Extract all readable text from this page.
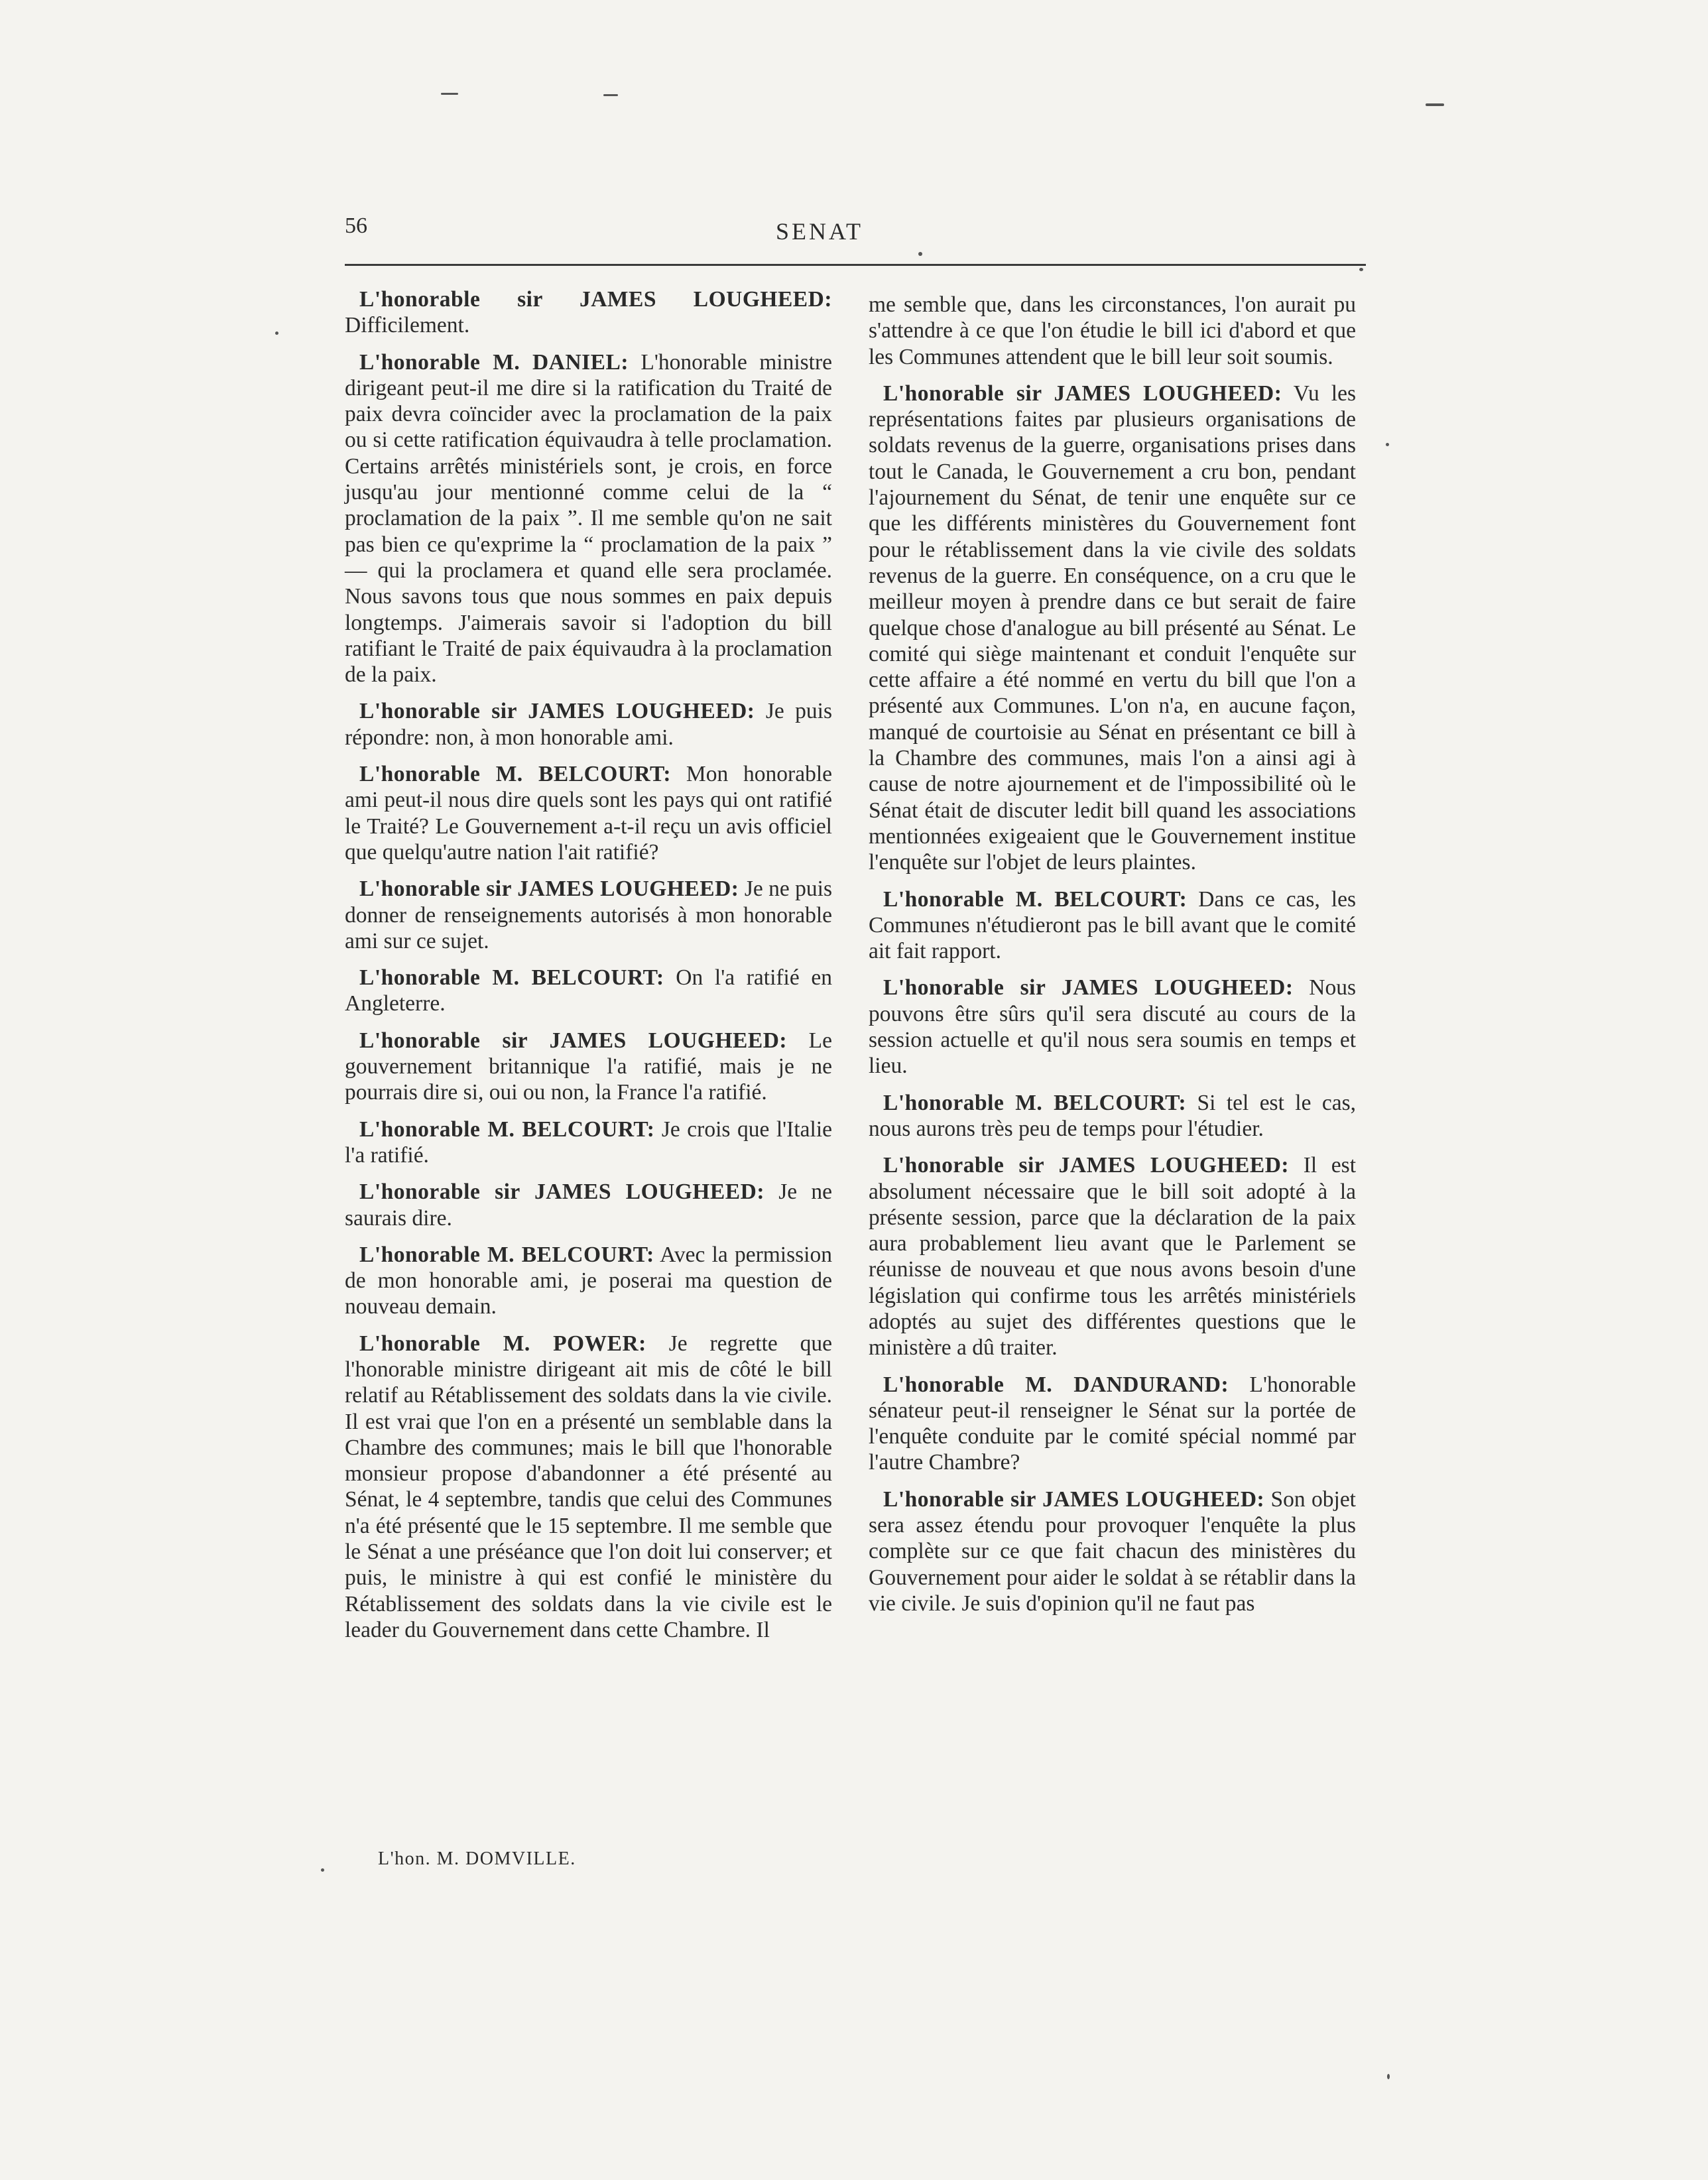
56	SENAT

L'honorable sir JAMES LOUGHEED: Difficilement.

L'honorable M. DANIEL: L'honorable ministre dirigeant peut-il me dire si la ratification du Traité de paix devra coïncider avec la proclamation de la paix ou si cette ratification équivaudra à telle proclamation. Certains arrêtés ministériels sont, je crois, en force jusqu'au jour mentionné comme celui de la “ proclamation de la paix ”. Il me semble qu'on ne sait pas bien ce qu'exprime la “ proclamation de la paix ” — qui la proclamera et quand elle sera proclamée. Nous savons tous que nous sommes en paix depuis longtemps. J'aimerais savoir si l'adoption du bill ratifiant le Traité de paix équivaudra à la proclamation de la paix.

L'honorable sir JAMES LOUGHEED: Je puis répondre: non, à mon honorable ami.

L'honorable M. BELCOURT: Mon honorable ami peut-il nous dire quels sont les pays qui ont ratifié le Traité? Le Gouvernement a-t-il reçu un avis officiel que quelqu'autre nation l'ait ratifié?

L'honorable sir JAMES LOUGHEED: Je ne puis donner de renseignements autorisés à mon honorable ami sur ce sujet.

L'honorable M. BELCOURT: On l'a ratifié en Angleterre.

L'honorable sir JAMES LOUGHEED: Le gouvernement britannique l'a ratifié, mais je ne pourrais dire si, oui ou non, la France l'a ratifié.

L'honorable M. BELCOURT: Je crois que l'Italie l'a ratifié.

L'honorable sir JAMES LOUGHEED: Je ne saurais dire.

L'honorable M. BELCOURT: Avec la permission de mon honorable ami, je poserai ma question de nouveau demain.

L'honorable M. POWER: Je regrette que l'honorable ministre dirigeant ait mis de côté le bill relatif au Rétablissement des soldats dans la vie civile. Il est vrai que l'on en a présenté un semblable dans la Chambre des communes; mais le bill que l'honorable monsieur propose d'abandonner a été présenté au Sénat, le 4 septembre, tandis que celui des Communes n'a été présenté que le 15 septembre. Il me semble que le Sénat a une préséance que l'on doit lui conserver; et puis, le ministre à qui est confié le ministère du Rétablissement des soldats dans la vie civile est le leader du Gouvernement dans cette Chambre. Il

me semble que, dans les circonstances, l'on aurait pu s'attendre à ce que l'on étudie le bill ici d'abord et que les Communes attendent que le bill leur soit soumis.

L'honorable sir JAMES LOUGHEED: Vu les représentations faites par plusieurs organisations de soldats revenus de la guerre, organisations prises dans tout le Canada, le Gouvernement a cru bon, pendant l'ajournement du Sénat, de tenir une enquête sur ce que les différents ministères du Gouvernement font pour le rétablissement dans la vie civile des soldats revenus de la guerre. En conséquence, on a cru que le meilleur moyen à prendre dans ce but serait de faire quelque chose d'analogue au bill présenté au Sénat. Le comité qui siège maintenant et conduit l'enquête sur cette affaire a été nommé en vertu du bill que l'on a présenté aux Communes. L'on n'a, en aucune façon, manqué de courtoisie au Sénat en présentant ce bill à la Chambre des communes, mais l'on a ainsi agi à cause de notre ajournement et de l'impossibilité où le Sénat était de discuter ledit bill quand les associations mentionnées exigeaient que le Gouvernement institue l'enquête sur l'objet de leurs plaintes.

L'honorable M. BELCOURT: Dans ce cas, les Communes n'étudieront pas le bill avant que le comité ait fait rapport.

L'honorable sir JAMES LOUGHEED: Nous pouvons être sûrs qu'il sera discuté au cours de la session actuelle et qu'il nous sera soumis en temps et lieu.

L'honorable M. BELCOURT: Si tel est le cas, nous aurons très peu de temps pour l'étudier.

L'honorable sir JAMES LOUGHEED: Il est absolument nécessaire que le bill soit adopté à la présente session, parce que la déclaration de la paix aura probablement lieu avant que le Parlement se réunisse de nouveau et que nous avons besoin d'une législation qui confirme tous les arrêtés ministériels adoptés au sujet des différentes questions que le ministère a dû traiter.

L'honorable M. DANDURAND: L'honorable sénateur peut-il renseigner le Sénat sur la portée de l'enquête conduite par le comité spécial nommé par l'autre Chambre?

L'honorable sir JAMES LOUGHEED: Son objet sera assez étendu pour provoquer l'enquête la plus complète sur ce que fait chacun des ministères du Gouvernement pour aider le soldat à se rétablir dans la vie civile. Je suis d'opinion qu'il ne faut pas

L'hon. M. DOMVILLE.
